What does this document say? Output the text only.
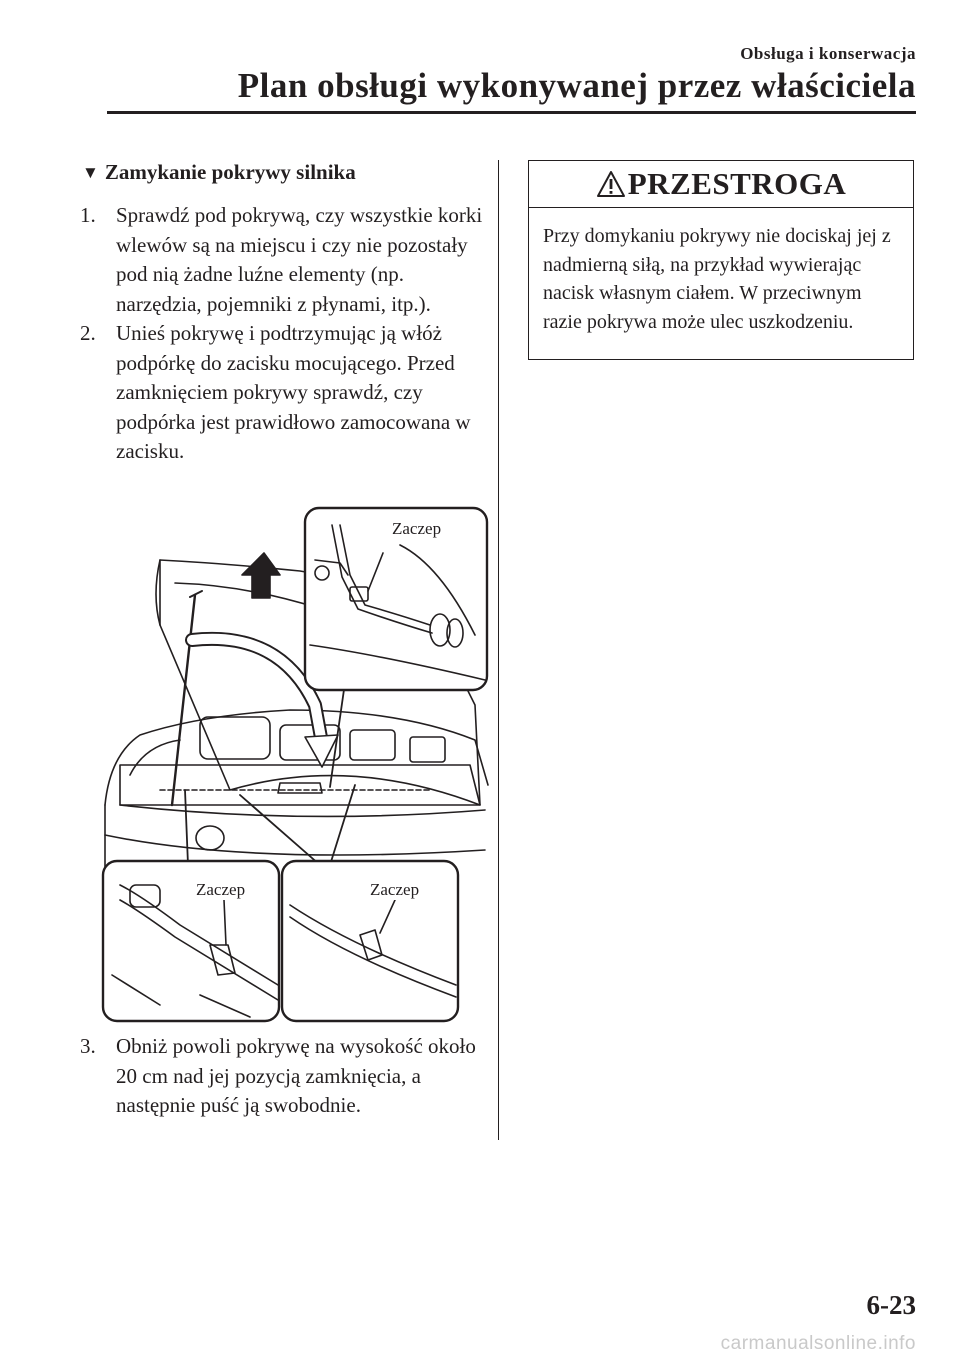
Obsługa i konserwacja
Plan obsługi wykonywanej przez właściciela
▼ Zamykanie pokrywy silnika
1. Sprawdź pod pokrywą, czy wszystkie korki wlewów są na miejscu i czy nie pozostały pod nią żadne luźne elementy (np. narzędzia, pojemniki z płynami, itp.).
2. Unieś pokrywę i podtrzymując ją włóż podpórkę do zacisku mocującego. Przed zamknięciem pokrywy sprawdź, czy podpórka jest prawidłowo zamocowana w zacisku.
Zaczep
Zaczep	Zaczep
3. Obniż powoli pokrywę na wysokość około 20 cm nad jej pozycją zamknięcia, a następnie puść ją swobodnie.
PRZESTROGA

Przy domykaniu pokrywy nie dociskaj jej z nadmierną siłą, na przykład wywierając nacisk własnym ciałem. W przeciwnym razie pokrywa może ulec uszkodzeniu.

6-23
carmanualsonline.info
